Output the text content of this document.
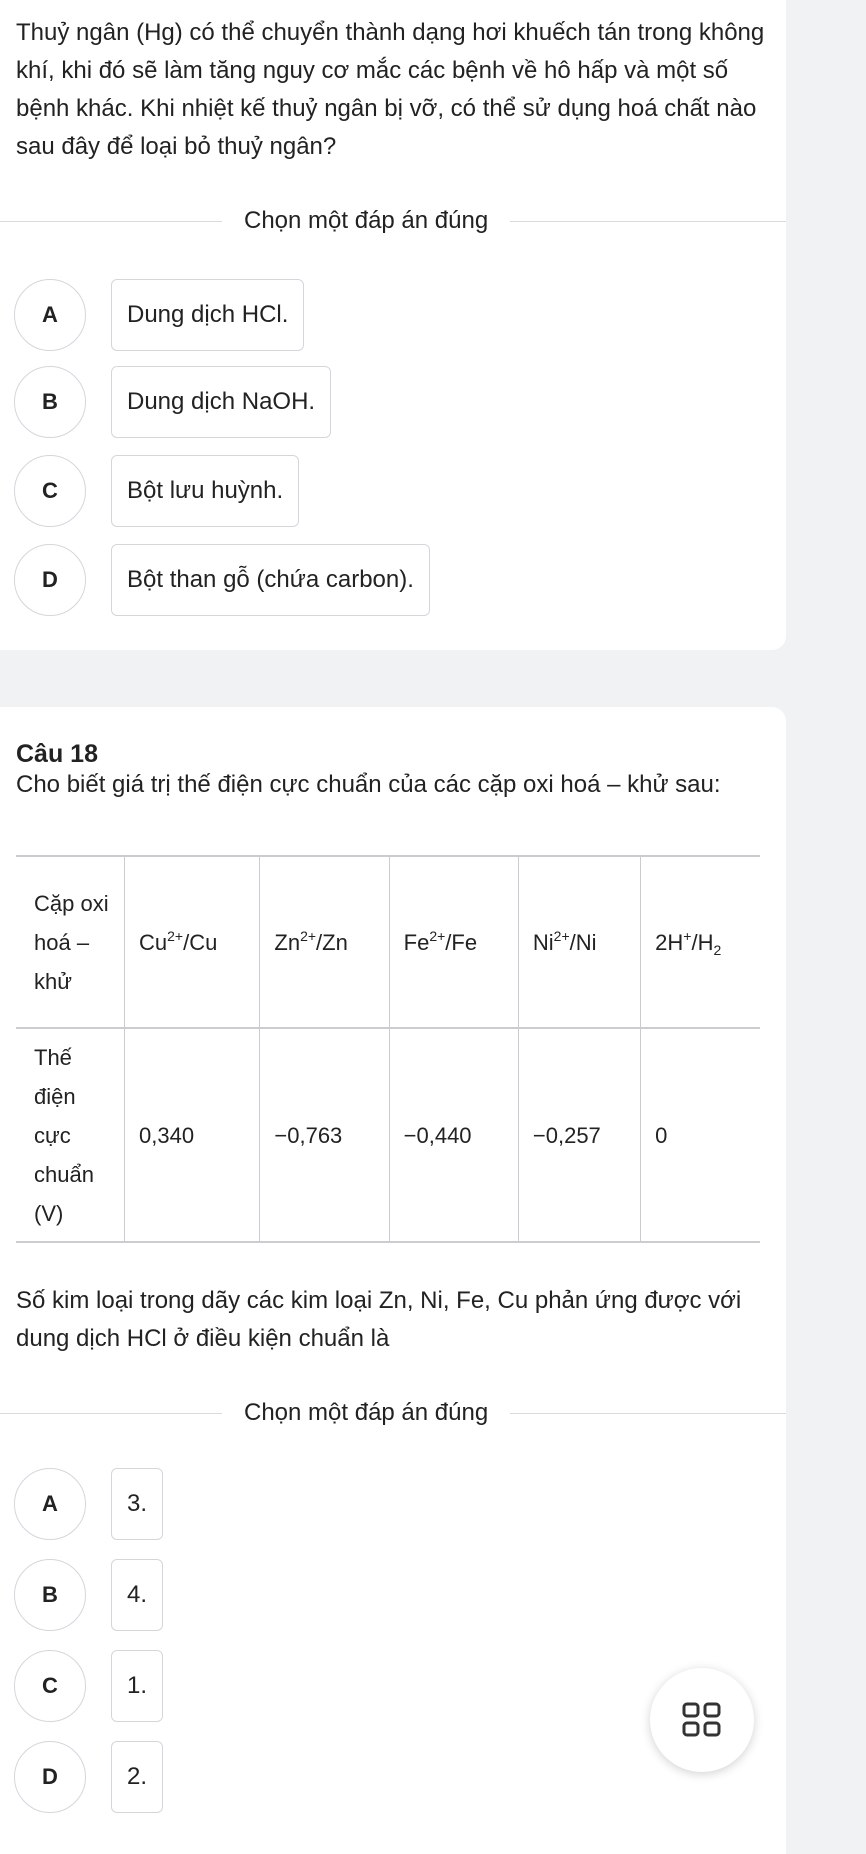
Thuỷ ngân (Hg) có thể chuyển thành dạng hơi khuếch tán trong không khí, khi đó sẽ làm tăng nguy cơ mắc các bệnh về hô hấp và một số bệnh khác. Khi nhiệt kế thuỷ ngân bị vỡ, có thể sử dụng hoá chất nào sau đây để loại bỏ thuỷ ngân?
Chọn một đáp án đúng
A	Dung dịch HCl.
B	Dung dịch NaOH.
C	Bột lưu huỳnh.
D	Bột than gỗ (chứa carbon).
Câu 18
Cho biết giá trị thế điện cực chuẩn của các cặp oxi hoá – khử sau:
Cặp oxi hoá – khử	$Cu^{2+}/Cu$	$Zn^{2+}/Zn$	$Fe^{2+}/Fe$	$Ni^{2+}/Ni$	$2H^+/H_2$
Thế điện cực chuẩn (V)	0,340	−0,763	−0,440	−0,257	0
Số kim loại trong dãy các kim loại Zn, Ni, Fe, Cu phản ứng được với dung dịch HCl ở điều kiện chuẩn là
Chọn một đáp án đúng
A	3.
B	4.
C	1.
D	2.
